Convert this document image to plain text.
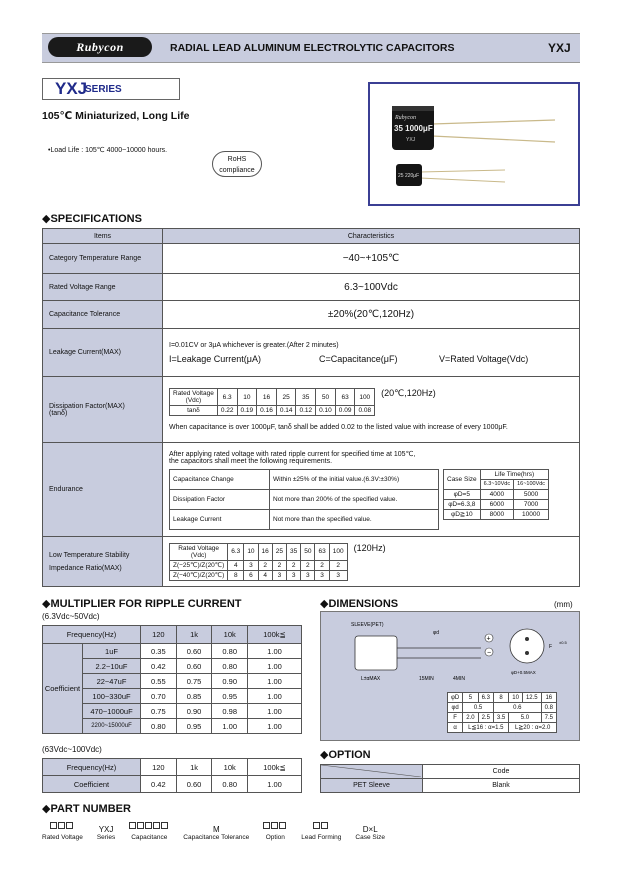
Rubycon	RADIAL LEAD ALUMINUM ELECTROLYTIC CAPACITORS	YXJ
YXJ
SERIES
105℃ Miniaturized, Long Life
•Load Life : 105℃ 4000~10000 hours.
RoHS
compliance
Rubycon
35 1000μF
YXJ
25 220μF
◆SPECIFICATIONS
Items	Characteristics
Category Temperature Range	−40~+105℃
Rated Voltage Range	6.3~100Vdc
Capacitance Tolerance	±20%(20℃,120Hz)
Leakage Current(MAX)	
I=0.01CV or 3μA whichever is greater.(After 2 minutes)
I=Leakage Current(μA)	C=Capacitance(μF)	V=Rated Voltage(Vdc)

Dissipation Factor(MAX)
(tanδ)

Rated Voltage
(Vdc)	6.3	10	16	25	35	50	63	100
tanδ	0.22	0.19	0.16	0.14	0.12	0.10	0.09	0.08
(20℃,120Hz)
When capacitance is over 1000μF, tanδ shall be added 0.02 to the listed value with increase of every 1000μF.

Endurance	
After applying rated voltage with rated ripple current for specified time at 105℃,
the capacitors shall meet the following requirements.
Capacitance Change	Within ±25% of the initial value.(6.3V:±30%)
Dissipation Factor	Not more than 200% of the specified value.
Leakage Current	Not more than the specified value.
Case Size	Life Time(hrs)
6.3~10Vdc	16~100Vdc
φD=5	4000	5000
φD=6.3,8	6000	7000
φD≧10	8000	10000

Low Temperature Stability
Impedance Ratio(MAX)

Rated Voltage
(Vdc)	6.3	10	16	25	35	50	63	100
Z(−25℃)/Z(20℃)	4	3	2	2	2	2	2	2
Z(−40℃)/Z(20℃)	8	6	4	3	3	3	3	3
(120Hz)
◆MULTIPLIER FOR RIPPLE CURRENT
(6.3Vdc~50Vdc)
Frequency(Hz)		120	1k	10k	100k≦
Coefficient	1uF	0.35	0.60	0.80	1.00
	2.2~10uF	0.42	0.60	0.80	1.00
	22~47uF	0.55	0.75	0.90	1.00
	100~330uF	0.70	0.85	0.95	1.00
	470~1000uF	0.75	0.90	0.98	1.00
	2200~15000uF	0.80	0.95	1.00	1.00
(63Vdc~100Vdc)
Frequency(Hz)	120	1k	10k	100k≦
Coefficient	0.42	0.60	0.80	1.00
◆DIMENSIONS	(mm)
SLEEVE(PET)
φd
L±αMAX	15MIN	4MIN
+
−
φD+0.5MAX
F
±0.5
φD	5	6.3	8	10	12.5	16
φd	0.5		0.6			0.8
F	2.0	2.5	3.5	5.0		7.5
α	L≦16 : α=1.5			L≧20 : α=2.0		
◆OPTION
	Code
PET Sleeve	Blank
◆PART NUMBER
Rated Voltage
YXJ
Series Capacitance
M
Capacitance Tolerance	Option	Lead Forming
D×L
Case Size
